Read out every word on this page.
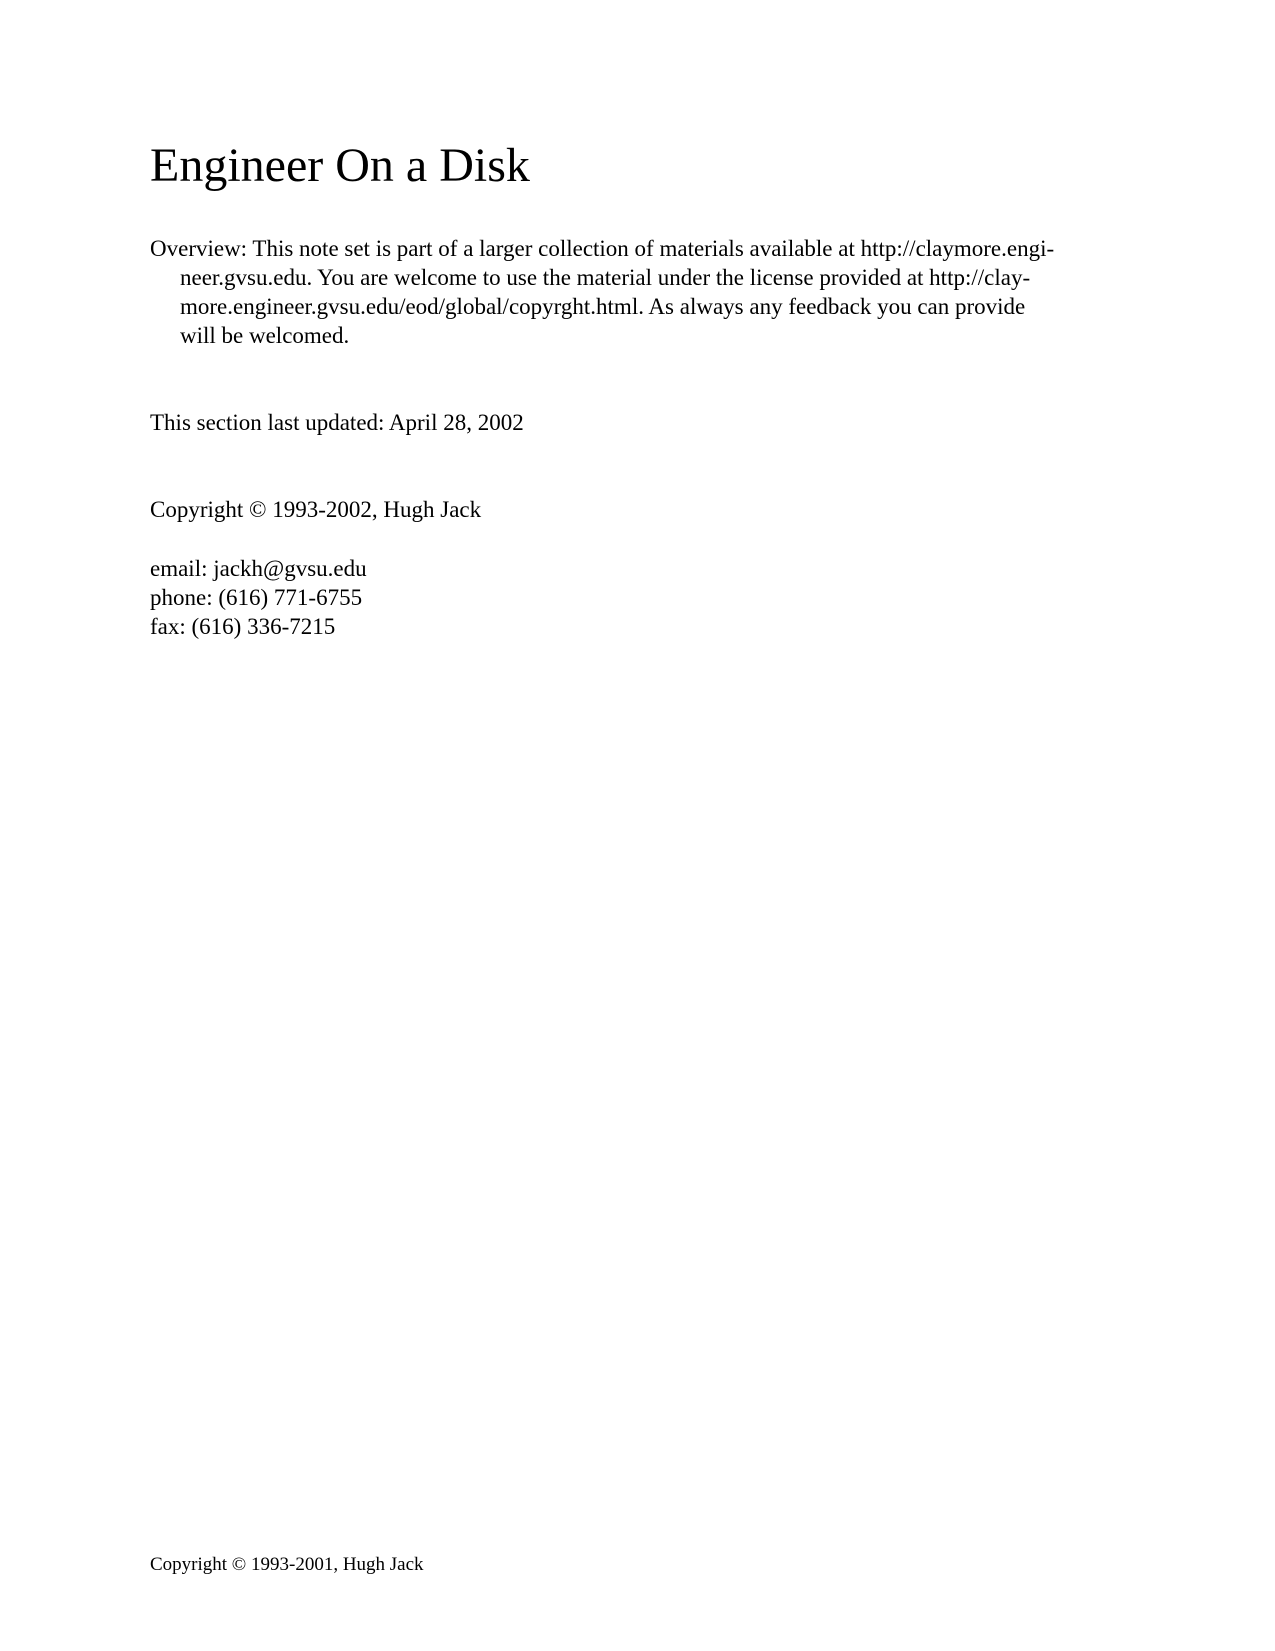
Engineer On a Disk

Overview: This note set is part of a larger collection of materials available at http://claymore.engi-
neer.gvsu.edu. You are welcome to use the material under the license provided at http://clay-
more.engineer.gvsu.edu/eod/global/copyrght.html. As always any feedback you can provide
will be welcomed.

This section last updated: April 28, 2002

Copyright © 1993-2002, Hugh Jack

email: jackh@gvsu.edu
phone: (616) 771-6755
fax: (616) 336-7215

Copyright © 1993-2001, Hugh Jack
